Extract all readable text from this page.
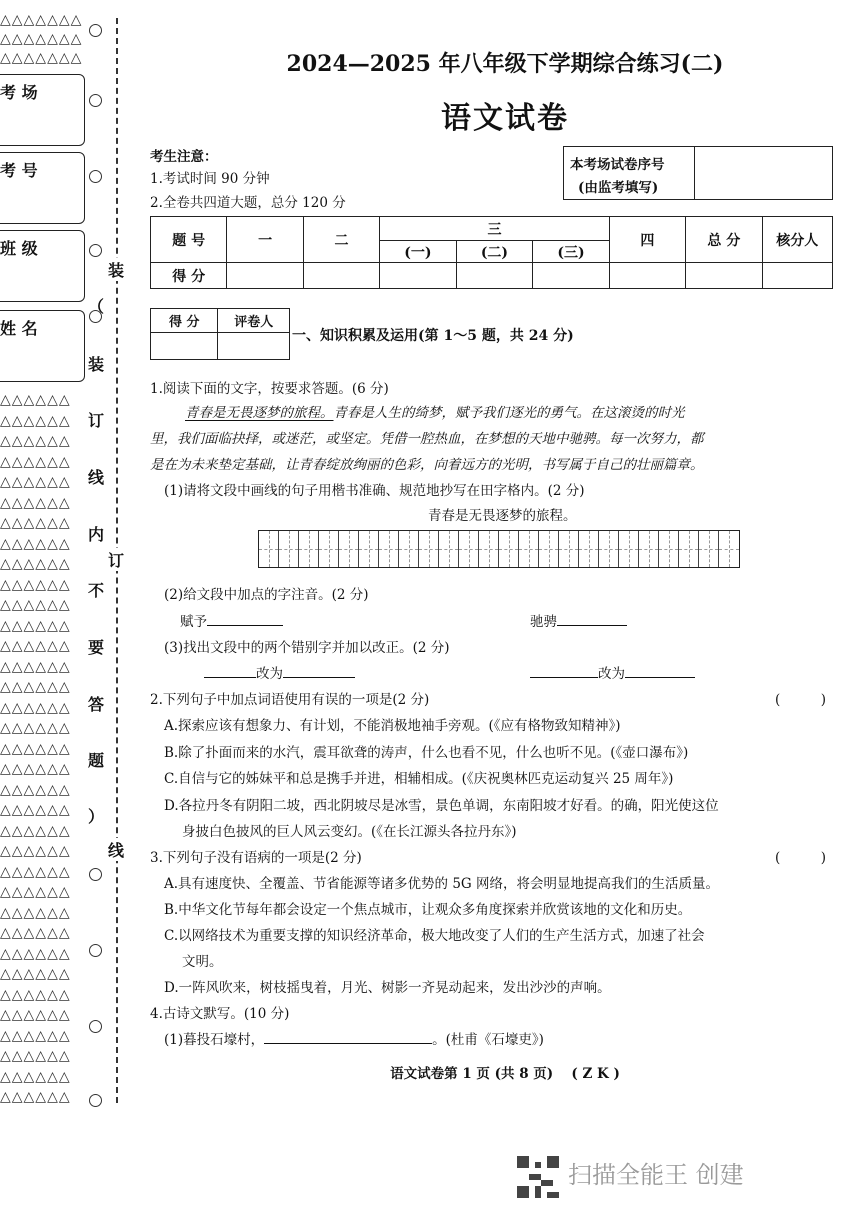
△△△△△△△
△△△△△△△
△△△△△△△
考 场
考 号
班 级
姓 名
△△△△△△
△△△△△△
△△△△△△
△△△△△△
△△△△△△
△△△△△△
△△△△△△
△△△△△△
△△△△△△
△△△△△△
△△△△△△
△△△△△△
△△△△△△
△△△△△△
△△△△△△
△△△△△△
△△△△△△
△△△△△△
△△△△△△
△△△△△△
△△△△△△
△△△△△△
△△△△△△
△△△△△△
△△△△△△
△△△△△△
△△△△△△
△△△△△△
△△△△△△
△△△△△△
△△△△△△
△△△△△△
△△△△△△
△△△△△△
△△△△△△
装
订
线
（
装
订
线
内
不
要
答
题
）
2024—2025 年八年级下学期综合练习(二)
语文试卷
考生注意：
1.考试时间 90 分钟
2.全卷共四道大题，总分 120 分
本考场试卷序号
(由监考填写)
题 号	一	二	三			四	总 分	核分人
			(一)	(二)	(三)			
得 分								
得 分	评卷人

一、知识积累及运用(第 1～5 题，共 24 分)
1.阅读下面的文字，按要求答题。(6 分)
青春是无畏逐梦的旅程。青春是人生的绮梦，赋予我们逐光的勇气。在这滚烫的时光
里，我们面临抉择，或迷茫，或坚定。凭借一腔热血，在梦想的天地中驰骋。每一次努力，都
是在为未来垫定基础，让青春绽放绚丽的色彩，向着远方的光明，书写属于自己的壮丽篇章。
(1)请将文段中画线的句子用楷书准确、规范地抄写在田字格内。(2 分)
青春是无畏逐梦的旅程。
(2)给文段中加点的字注音。(2 分)
赋予	驰骋
(3)找出文段中的两个错别字并加以改正。(2 分)
改为	改为
2.下列句子中加点词语使用有误的一项是(2 分)	(　　　)
A.探索应该有想象力、有计划，不能消极地袖手旁观。(《应有格物致知精神》)
B.除了扑面而来的水汽，震耳欲聋的涛声，什么也看不见，什么也听不见。(《壶口瀑布》)
C.自信与它的姊妹平和总是携手并进，相辅相成。(《庆祝奥林匹克运动复兴 25 周年》)
D.各拉丹冬有阴阳二坡，西北阴坡尽是冰雪，景色单调，东南阳坡才好看。的确，阳光使这位
身披白色披风的巨人风云变幻。(《在长江源头各拉丹东》)
3.下列句子没有语病的一项是(2 分)	(　　　)
A.具有速度快、全覆盖、节省能源等诸多优势的 5G 网络，将会明显地提高我们的生活质量。
B.中华文化节每年都会设定一个焦点城市，让观众多角度探索并欣赏该地的文化和历史。
C.以网络技术为重要支撑的知识经济革命，极大地改变了人们的生产生活方式，加速了社会
文明。
D.一阵风吹来，树枝摇曳着，月光、树影一齐晃动起来，发出沙沙的声响。
4.古诗文默写。(10 分)
(1)暮投石壕村，	。(杜甫《石壕吏》)
语文试卷第 1 页 (共 8 页)　 ( Z K )
扫描全能王 创建
